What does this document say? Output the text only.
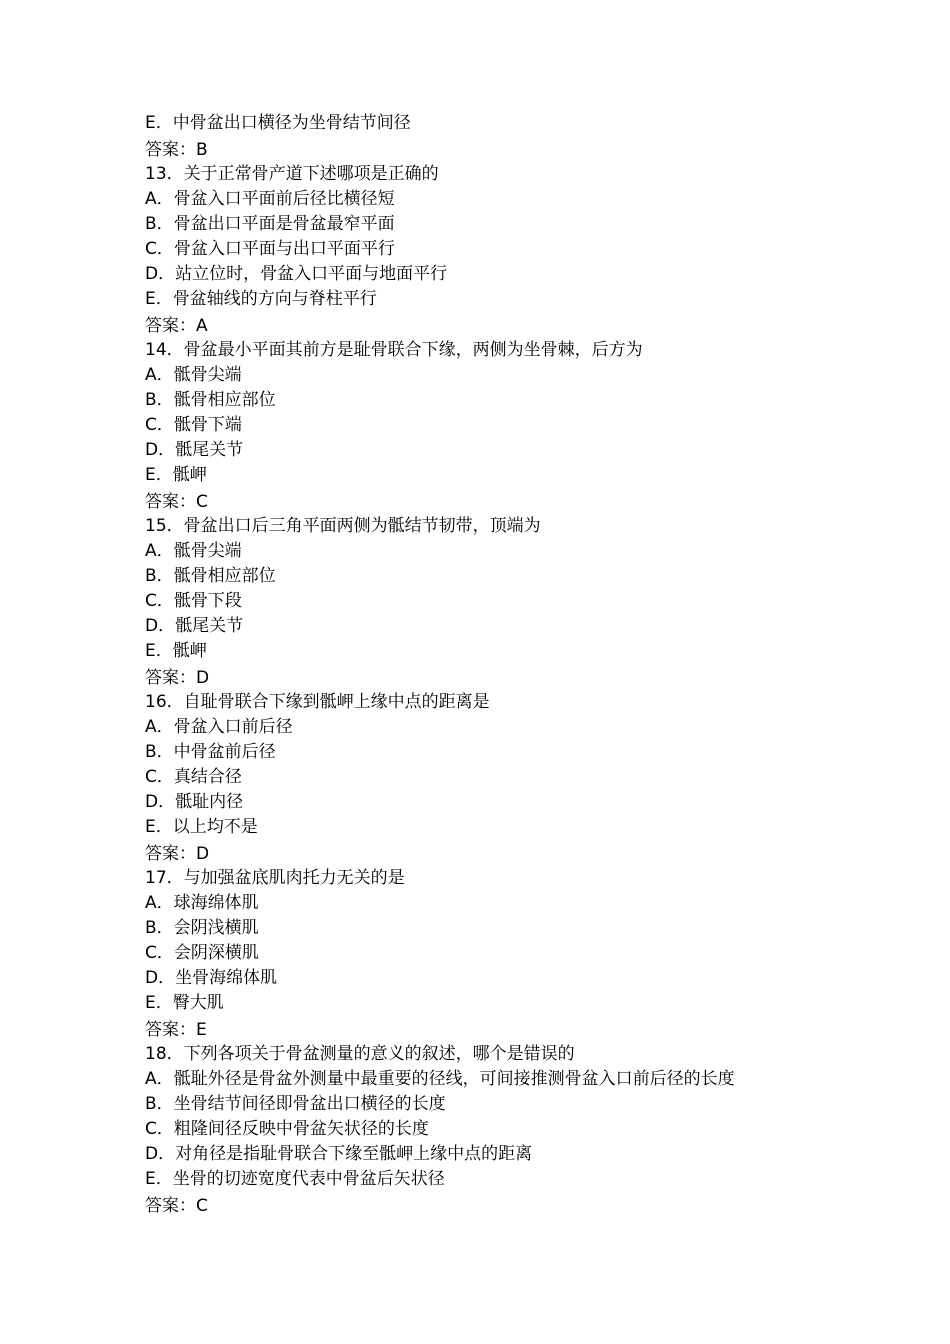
E．中骨盆出口横径为坐骨结节间径
答案：B
13．关于正常骨产道下述哪项是正确的
A．骨盆入口平面前后径比横径短
B．骨盆出口平面是骨盆最窄平面
C．骨盆入口平面与出口平面平行
D．站立位时，骨盆入口平面与地面平行
E．骨盆轴线的方向与脊柱平行
答案：A
14．骨盆最小平面其前方是耻骨联合下缘，两侧为坐骨棘，后方为
A．骶骨尖端
B．骶骨相应部位
C．骶骨下端
D．骶尾关节
E．骶岬
答案：C
15．骨盆出口后三角平面两侧为骶结节韧带，顶端为
A．骶骨尖端
B．骶骨相应部位
C．骶骨下段
D．骶尾关节
E．骶岬
答案：D
16．自耻骨联合下缘到骶岬上缘中点的距离是
A．骨盆入口前后径
B．中骨盆前后径
C．真结合径
D．骶耻内径
E．以上均不是
答案：D
17．与加强盆底肌肉托力无关的是
A．球海绵体肌
B．会阴浅横肌
C．会阴深横肌
D．坐骨海绵体肌
E．臀大肌
答案：E
18．下列各项关于骨盆测量的意义的叙述，哪个是错误的
A．骶耻外径是骨盆外测量中最重要的径线，可间接推测骨盆入口前后径的长度
B．坐骨结节间径即骨盆出口横径的长度
C．粗隆间径反映中骨盆矢状径的长度
D．对角径是指耻骨联合下缘至骶岬上缘中点的距离
E．坐骨的切迹宽度代表中骨盆后矢状径
答案：C
